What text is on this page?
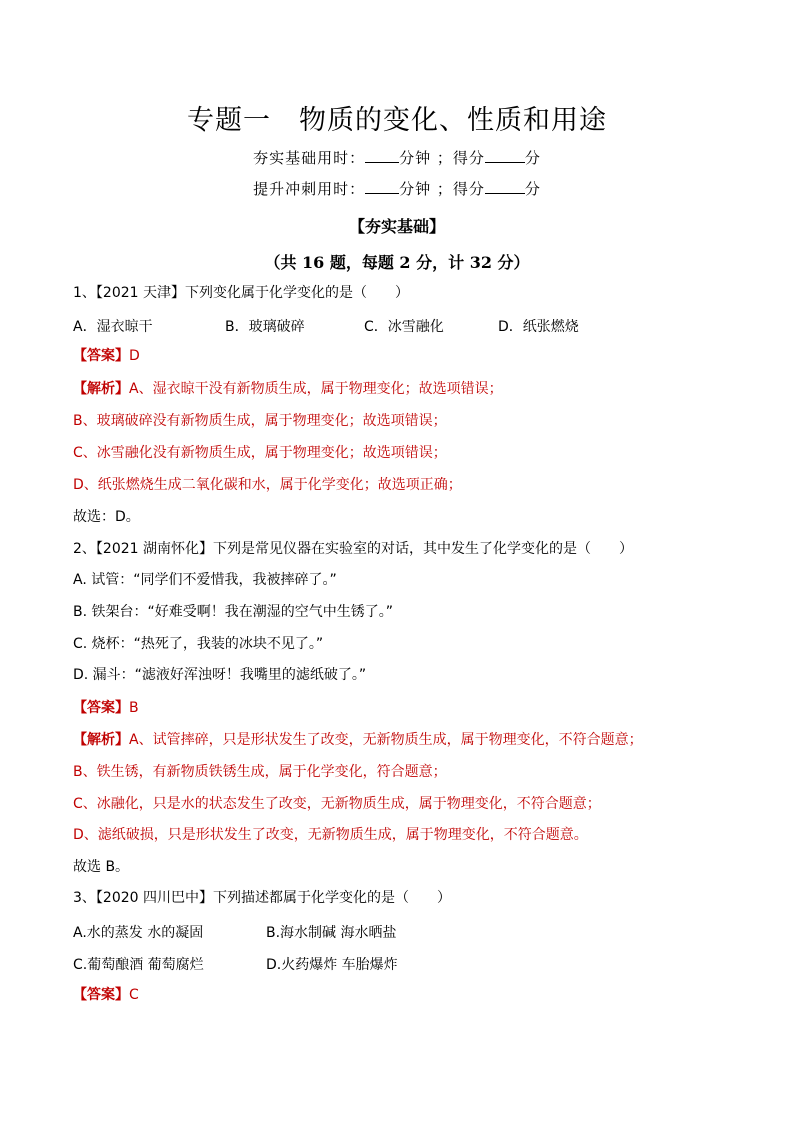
专题一 物质的变化、性质和用途
夯实基础用时： 分钟 ；得分	分
提升冲刺用时： 分钟 ；得分	分
【夯实基础】
（共 16 题，每题 2 分，计 32 分）
1、【2021 天津】下列变化属于化学变化的是（　　）
A．湿衣晾干	B．玻璃破碎	C．冰雪融化	D．纸张燃烧
【答案】D
【解析】A、湿衣晾干没有新物质生成，属于物理变化；故选项错误；
B、玻璃破碎没有新物质生成，属于物理变化；故选项错误；
C、冰雪融化没有新物质生成，属于物理变化；故选项错误；
D、纸张燃烧生成二氧化碳和水，属于化学变化；故选项正确；
故选：D。
2、【2021 湖南怀化】下列是常见仪器在实验室的对话，其中发生了化学变化的是（　　）
A. 试管：“同学们不爱惜我，我被摔碎了。”
B. 铁架台：“好难受啊！我在潮湿的空气中生锈了。”
C. 烧杯：“热死了，我装的冰块不见了。”
D. 漏斗：“滤液好浑浊呀！我嘴里的滤纸破了。”
【答案】B
【解析】A、试管摔碎，只是形状发生了改变，无新物质生成，属于物理变化，不符合题意；
B、铁生锈，有新物质铁锈生成，属于化学变化，符合题意；
C、冰融化，只是水的状态发生了改变，无新物质生成，属于物理变化，不符合题意；
D、滤纸破损，只是形状发生了改变，无新物质生成，属于物理变化，不符合题意。
故选 B。
3、【2020 四川巴中】下列描述都属于化学变化的是（　　）
A.水的蒸发 水的凝固	B.海水制碱 海水晒盐
C.葡萄酿酒 葡萄腐烂	D.火药爆炸 车胎爆炸
【答案】C
